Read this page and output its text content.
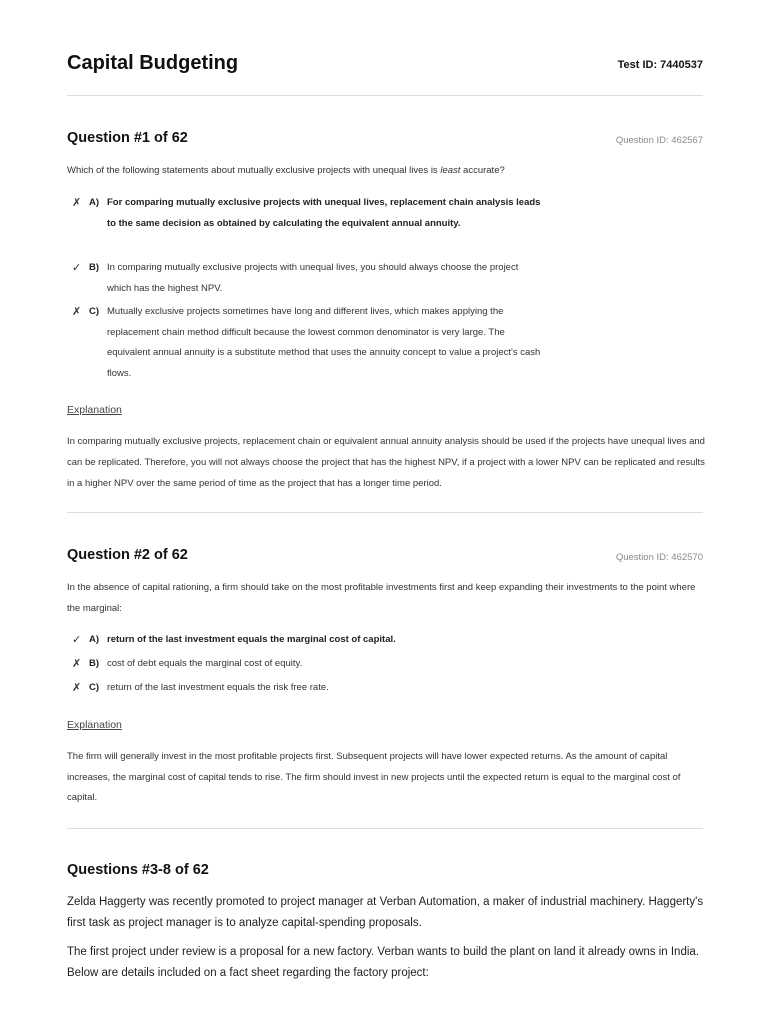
Capital Budgeting	Test ID: 7440537
Question #1 of 62	Question ID: 462567
Which of the following statements about mutually exclusive projects with unequal lives is least accurate?
✗ A) For comparing mutually exclusive projects with unequal lives, replacement chain analysis leads to the same decision as obtained by calculating the equivalent annual annuity.
✓ B) In comparing mutually exclusive projects with unequal lives, you should always choose the project which has the highest NPV.
✗ C) Mutually exclusive projects sometimes have long and different lives, which makes applying the replacement chain method difficult because the lowest common denominator is very large. The equivalent annual annuity is a substitute method that uses the annuity concept to value a project's cash flows.
Explanation
In comparing mutually exclusive projects, replacement chain or equivalent annual annuity analysis should be used if the projects have unequal lives and can be replicated. Therefore, you will not always choose the project that has the highest NPV, if a project with a lower NPV can be replicated and results in a higher NPV over the same period of time as the project that has a longer time period.
Question #2 of 62	Question ID: 462570
In the absence of capital rationing, a firm should take on the most profitable investments first and keep expanding their investments to the point where the marginal:
✓ A) return of the last investment equals the marginal cost of capital.
✗ B) cost of debt equals the marginal cost of equity.
✗ C) return of the last investment equals the risk free rate.
Explanation
The firm will generally invest in the most profitable projects first. Subsequent projects will have lower expected returns. As the amount of capital increases, the marginal cost of capital tends to rise. The firm should invest in new projects until the expected return is equal to the marginal cost of capital.
Questions #3-8 of 62
Zelda Haggerty was recently promoted to project manager at Verban Automation, a maker of industrial machinery. Haggerty's first task as project manager is to analyze capital-spending proposals.
The first project under review is a proposal for a new factory. Verban wants to build the plant on land it already owns in India. Below are details included on a fact sheet regarding the factory project:
